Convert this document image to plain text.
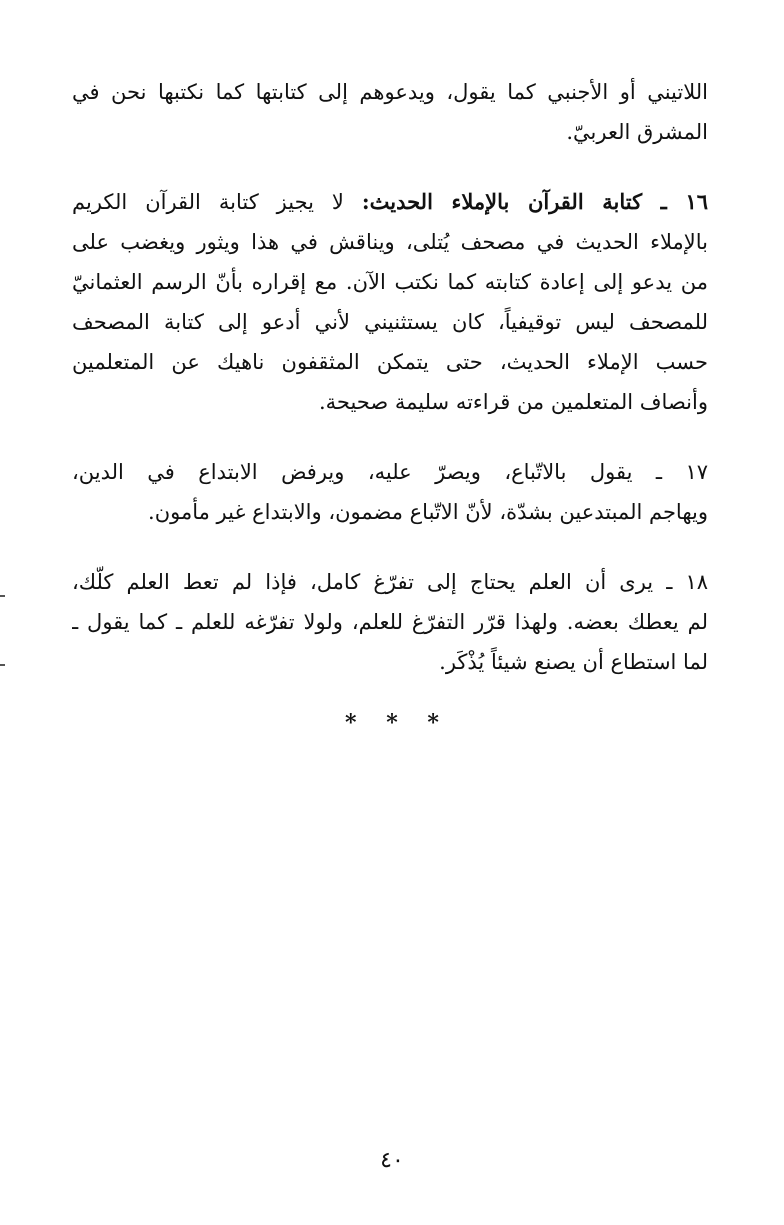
اللاتيني أو الأجنبي كما يقول، ويدعوهم إلى كتابتها كما نكتبها نحن في
المشرق العربيّ.
١٦ ـ كتابة القرآن بالإملاء الحديث: لا يجيز كتابة القرآن الكريم
بالإملاء الحديث في مصحف يُتلى، ويناقش في هذا ويثور ويغضب على
من يدعو إلى إعادة كتابته كما نكتب الآن. مع إقراره بأنّ الرسم العثمانيّ
للمصحف ليس توقيفياً، كان يستثنيني لأني أدعو إلى كتابة المصحف
حسب الإملاء الحديث، حتى يتمكن المثقفون ناهيك عن المتعلمين
وأنصاف المتعلمين من قراءته سليمة صحيحة.
١٧ ـ يقول بالاتّباع، ويصرّ عليه، ويرفض الابتداع في الدين،
ويهاجم المبتدعين بشدّة، لأنّ الاتّباع مضمون، والابتداع غير مأمون.
١٨ ـ يرى أن العلم يحتاج إلى تفرّغ كامل، فإذا لم تعط العلم كلّك،
لم يعطك بعضه. ولهذا قرّر التفرّغ للعلم، ولولا تفرّغه للعلم ـ كما يقول ـ
لما استطاع أن يصنع شيئاً يُذْكَر.
* * *
٤٠
